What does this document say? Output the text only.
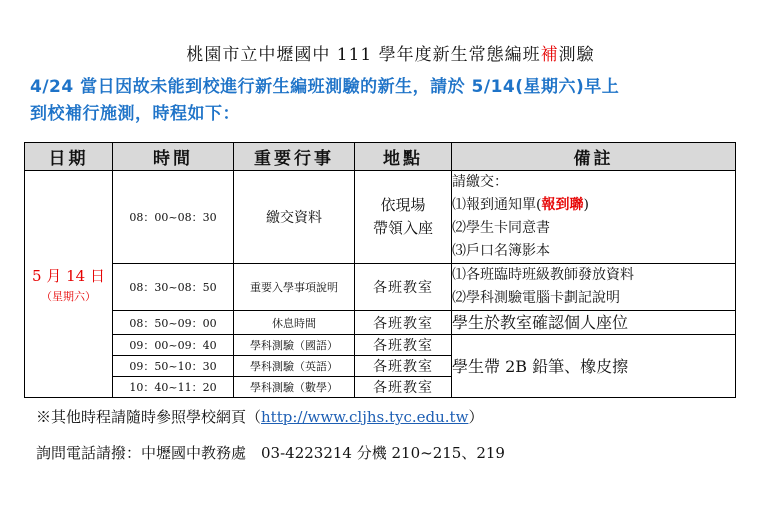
桃園市立中壢國中 111 學年度新生常態編班補測驗
4/24 當日因故未能到校進行新生編班測驗的新生，請於 5/14(星期六)早上
到校補行施測，時程如下：
日期	時間	重要行事	地點	備註

5 月 14 日
（星期六）	08：00~08：30	繳交資料	依現場
帶領入座	請繳交：
⑴報到通知單(報到聯)
⑵學生卡同意書
⑶戶口名簿影本

	08：30~08：50	重要入學事項說明	各班教室	⑴各班臨時班級教師發放資料
⑵學科測驗電腦卡劃記說明

	08：50~09：00	休息時間	各班教室	學生於教室確認個人座位
	09：00~09：40	學科測驗（國語）	各班教室	學生帶 2B 鉛筆、橡皮擦
	09：50~10：30	學科測驗（英語）	各班教室	
	10：40~11：20	學科測驗（數學）	各班教室	
※其他時程請隨時參照學校網頁（http://www.cljhs.tyc.edu.tw）
詢問電話請撥：中壢國中教務處　03-4223214 分機 210~215、219
